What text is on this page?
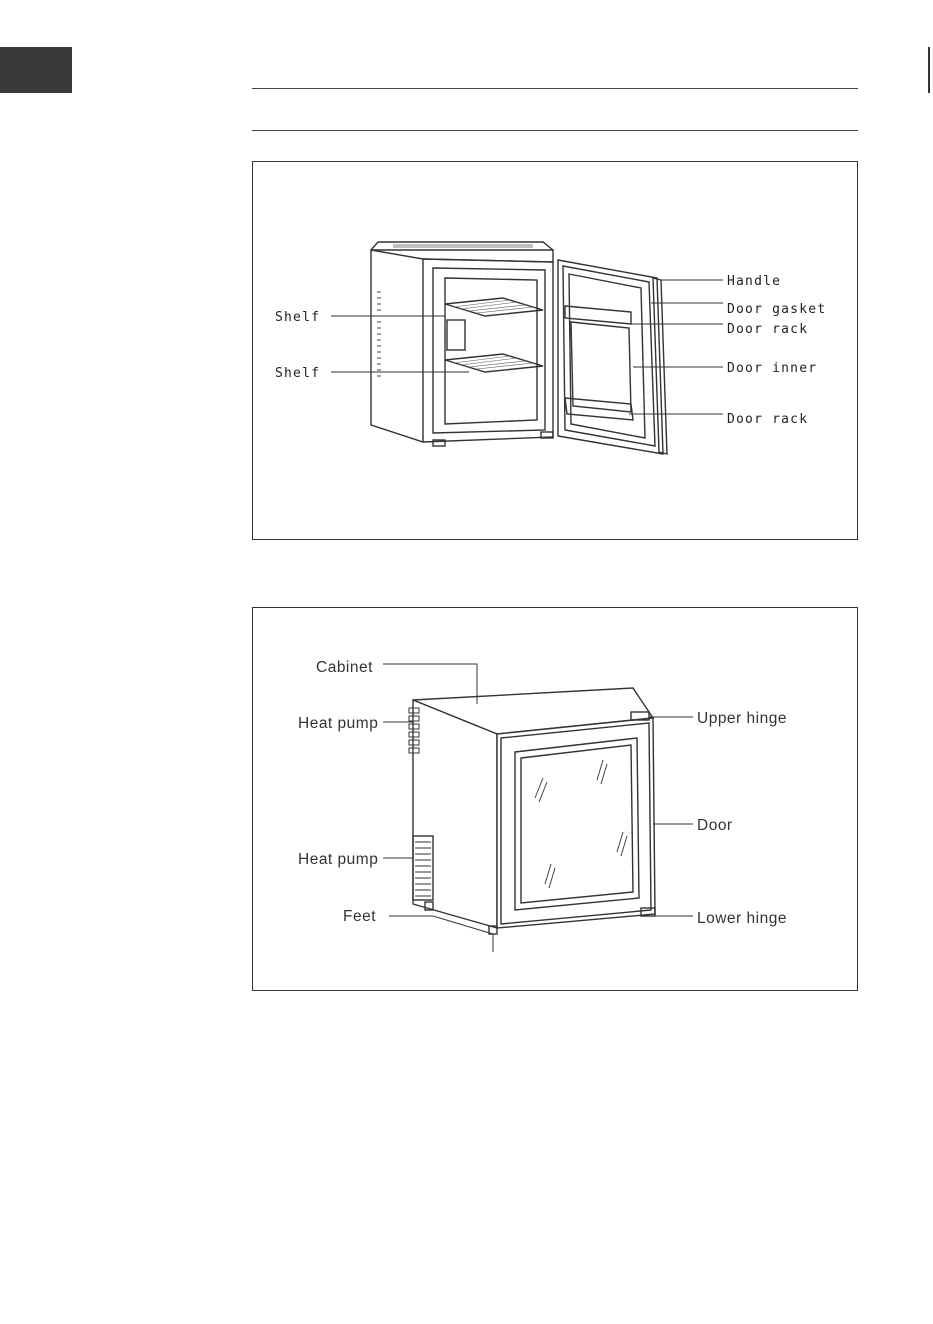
Shelf
Shelf
Handle
Door gasket
Door rack
Door inner
Door rack
Cabinet
Heat pump
Heat pump
Feet
Upper hinge
Door
Lower hinge
